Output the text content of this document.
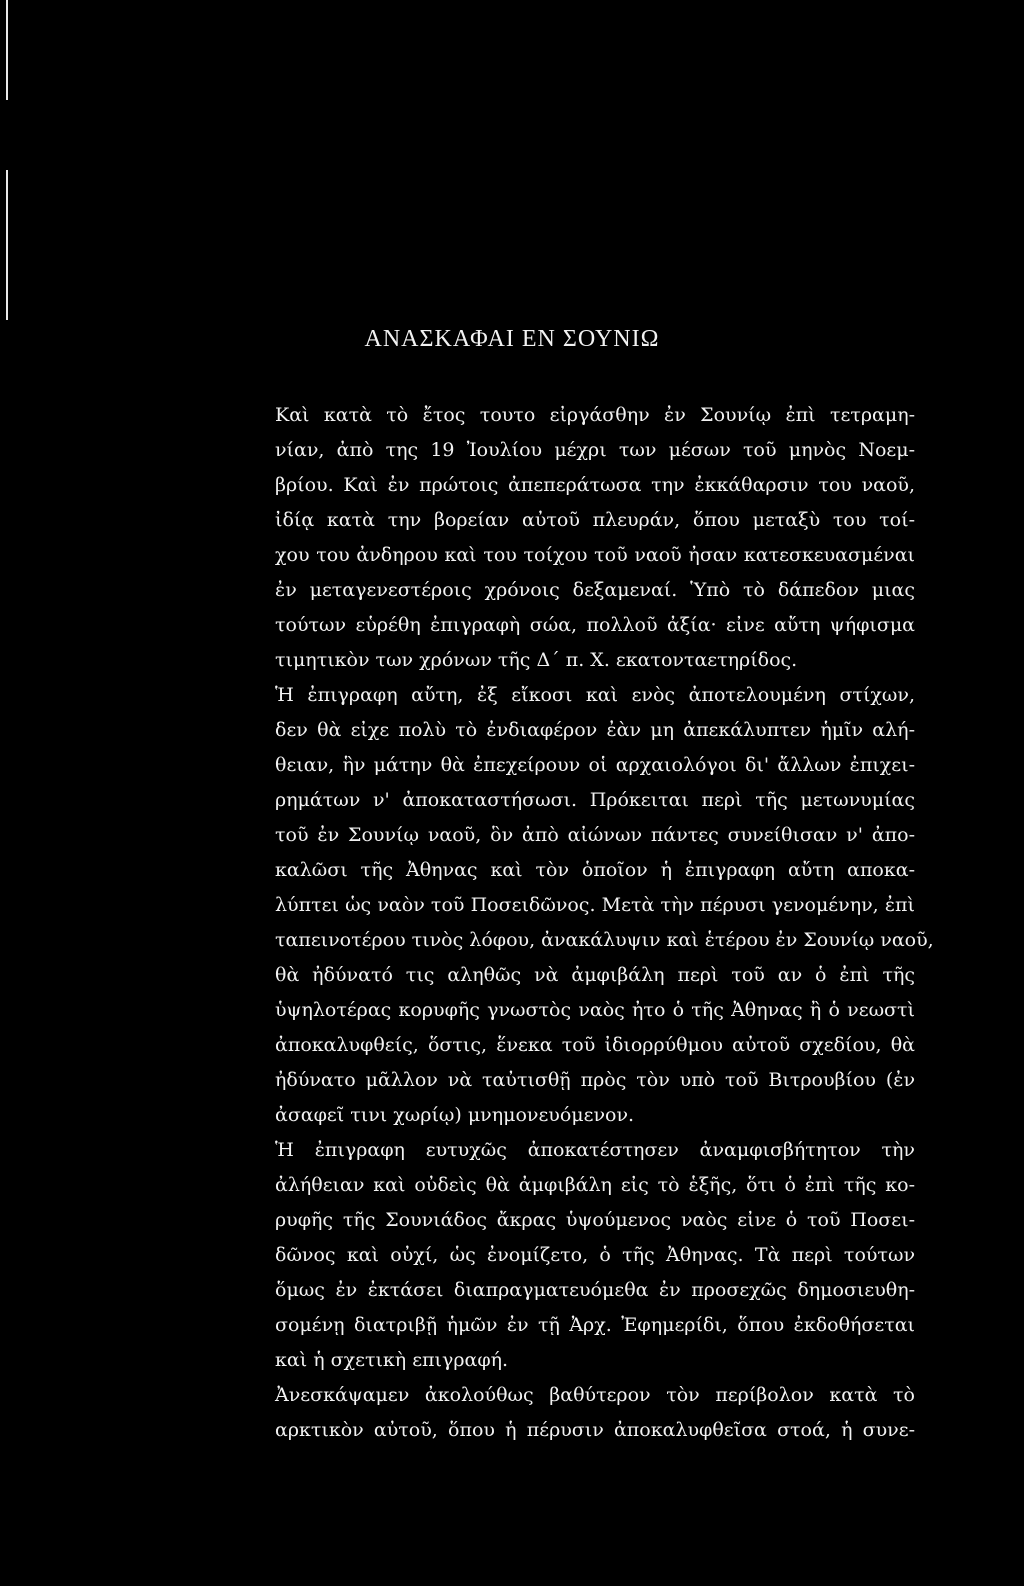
ΑΝΑΣΚΑΦΑΙ ΕΝ ΣΟΥΝΙΩ
Καὶ κατὰ τὸ ἔτος τουτο εἰργάσθην ἐν Σουνίῳ ἐπὶ τετραμη-
νίαν, ἀπὸ της 19 Ἰουλίου μέχρι των μέσων τοῦ μηνὸς Νοεμ-
βρίου. Καὶ ἐν πρώτοις ἀπεπεράτωσα την ἐκκάθαρσιν του ναοῦ,
ἰδίᾳ κατὰ την βορείαν αὐτοῦ πλευράν, ὅπου μεταξὺ του τοί-
χου του ἀνδηρου καὶ του τοίχου τοῦ ναοῦ ἠσαν κατεσκευασμέναι
ἐν μεταγενεστέροις χρόνοις δεξαμεναί. Ὑπὸ τὸ δάπεδον μιας
τούτων εὑρέθη ἐπιγραφὴ σώα, πολλοῦ ἀξία· εἰνε αὔτη ψήφισμα
τιμητικὸν των χρόνων τῆς Δ΄ π. Χ. εκατονταετηρίδος.
Ἡ ἐπιγραφη αὔτη, ἐξ εἴκοσι καὶ ενὸς ἀποτελουμένη στίχων,
δεν θὰ εἰχε πολὺ τὸ ἐνδιαφέρον ἐὰν μη ἀπεκάλυπτεν ἡμῖν αλή-
θειαν, ἣν μάτην θὰ ἐπεχείρουν οἱ αρχαιολόγοι δι' ἄλλων ἐπιχει-
ρημάτων ν' ἀποκαταστήσωσι. Πρόκειται περὶ τῆς μετωνυμίας
τοῦ ἐν Σουνίῳ ναοῦ, ὃν ἀπὸ αἰώνων πάντες συνείθισαν ν' ἀπο-
καλῶσι τῆς Ἀθηνας καὶ τὸν ὁποῖον ἡ ἐπιγραφη αὔτη αποκα-
λύπτει ὡς ναὸν τοῦ Ποσειδῶνος. Μετὰ τὴν πέρυσι γενομένην, ἐπὶ
ταπεινοτέρου τινὸς λόφου, ἀνακάλυψιν καὶ ἑτέρου ἐν Σουνίῳ ναοῦ,
θὰ ἠδύνατό τις αληθῶς νὰ ἀμφιβάλη περὶ τοῦ αν ὁ ἐπὶ τῆς
ὑψηλοτέρας κορυφῆς γνωστὸς ναὸς ἠτο ὁ τῆς Ἀθηνας ἢ ὁ νεωστὶ
ἀποκαλυφθείς, ὅστις, ἕνεκα τοῦ ἰδιορρύθμου αὐτοῦ σχεδίου, θὰ
ἠδύνατο μᾶλλον νὰ ταὐτισθῇ πρὸς τὸν υπὸ τοῦ Βιτρουβίου (ἐν
ἀσαφεῖ τινι χωρίῳ) μνημονευόμενον.
Ἡ ἐπιγραφη ευτυχῶς ἀποκατέστησεν ἀναμφισβήτητον τὴν
ἀλήθειαν καὶ οὐδεὶς θὰ ἀμφιβάλη εἰς τὸ ἑξῆς, ὅτι ὁ ἐπὶ τῆς κο-
ρυφῆς τῆς Σουνιάδος ἄκρας ὑψούμενος ναὸς εἰνε ὁ τοῦ Ποσει-
δῶνος καὶ οὐχί, ὡς ἐνομίζετο, ὁ τῆς Ἀθηνας. Τὰ περὶ τούτων
ὅμως ἐν ἐκτάσει διαπραγματευόμεθα ἐν προσεχῶς δημοσιευθη-
σομένῃ διατριβῇ ἡμῶν ἐν τῇ Ἀρχ. Ἐφημερίδι, ὅπου ἐκδοθήσεται
καὶ ἡ σχετικὴ επιγραφή.
Ἀνεσκάψαμεν ἀκολούθως βαθύτερον τὸν περίβολον κατὰ τὸ
αρκτικὸν αὐτοῦ, ὅπου ἡ πέρυσιν ἀποκαλυφθεῖσα στοά, ἡ συνε-
